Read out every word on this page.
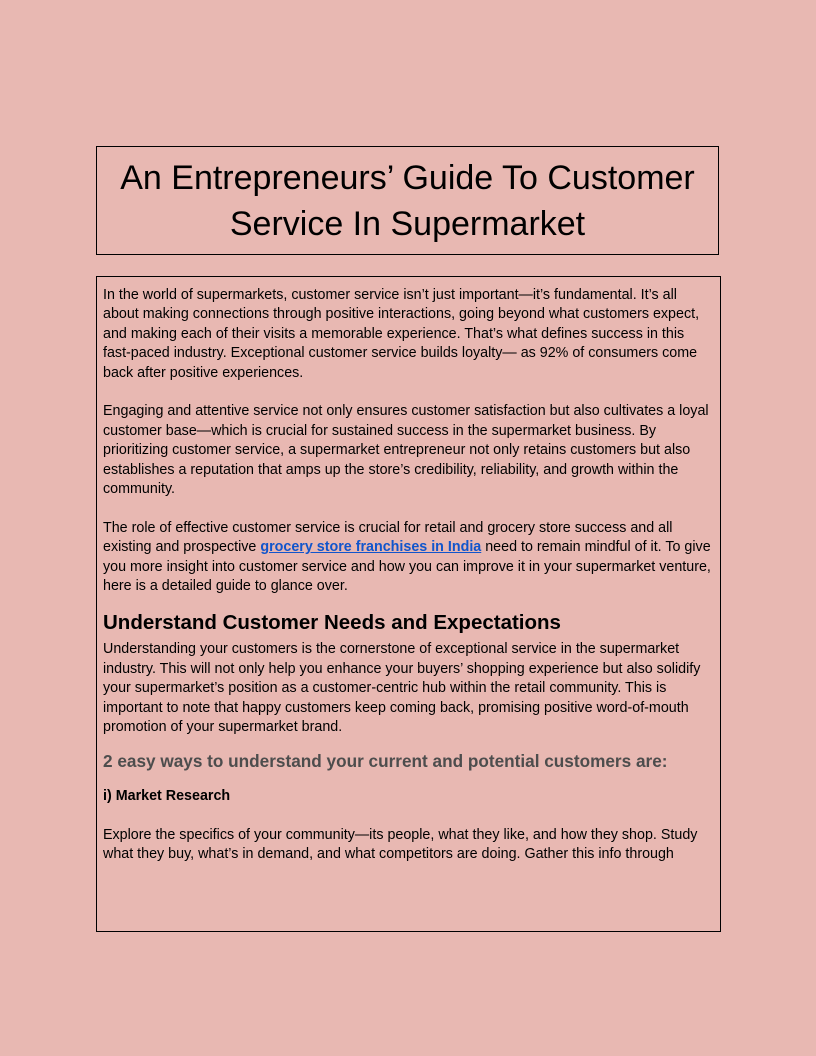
An Entrepreneurs’ Guide To Customer Service In Supermarket

In the world of supermarkets, customer service isn’t just important—it’s fundamental. It’s all about making connections through positive interactions, going beyond what customers expect, and making each of their visits a memorable experience. That’s what defines success in this fast-paced industry. Exceptional customer service builds loyalty— as 92% of consumers come back after positive experiences.

Engaging and attentive service not only ensures customer satisfaction but also cultivates a loyal customer base—which is crucial for sustained success in the supermarket business. By prioritizing customer service, a supermarket entrepreneur not only retains customers but also establishes a reputation that amps up the store’s credibility, reliability, and growth within the community.

The role of effective customer service is crucial for retail and grocery store success and all existing and prospective grocery store franchises in India need to remain mindful of it. To give you more insight into customer service and how you can improve it in your supermarket venture, here is a detailed guide to glance over.

Understand Customer Needs and Expectations

Understanding your customers is the cornerstone of exceptional service in the supermarket industry. This will not only help you enhance your buyers’ shopping experience but also solidify your supermarket’s position as a customer-centric hub within the retail community. This is important to note that happy customers keep coming back, promising positive word-of-mouth promotion of your supermarket brand.

2 easy ways to understand your current and potential customers are:
i) Market Research

Explore the specifics of your community—its people, what they like, and how they shop. Study what they buy, what’s in demand, and what competitors are doing. Gather this info through
